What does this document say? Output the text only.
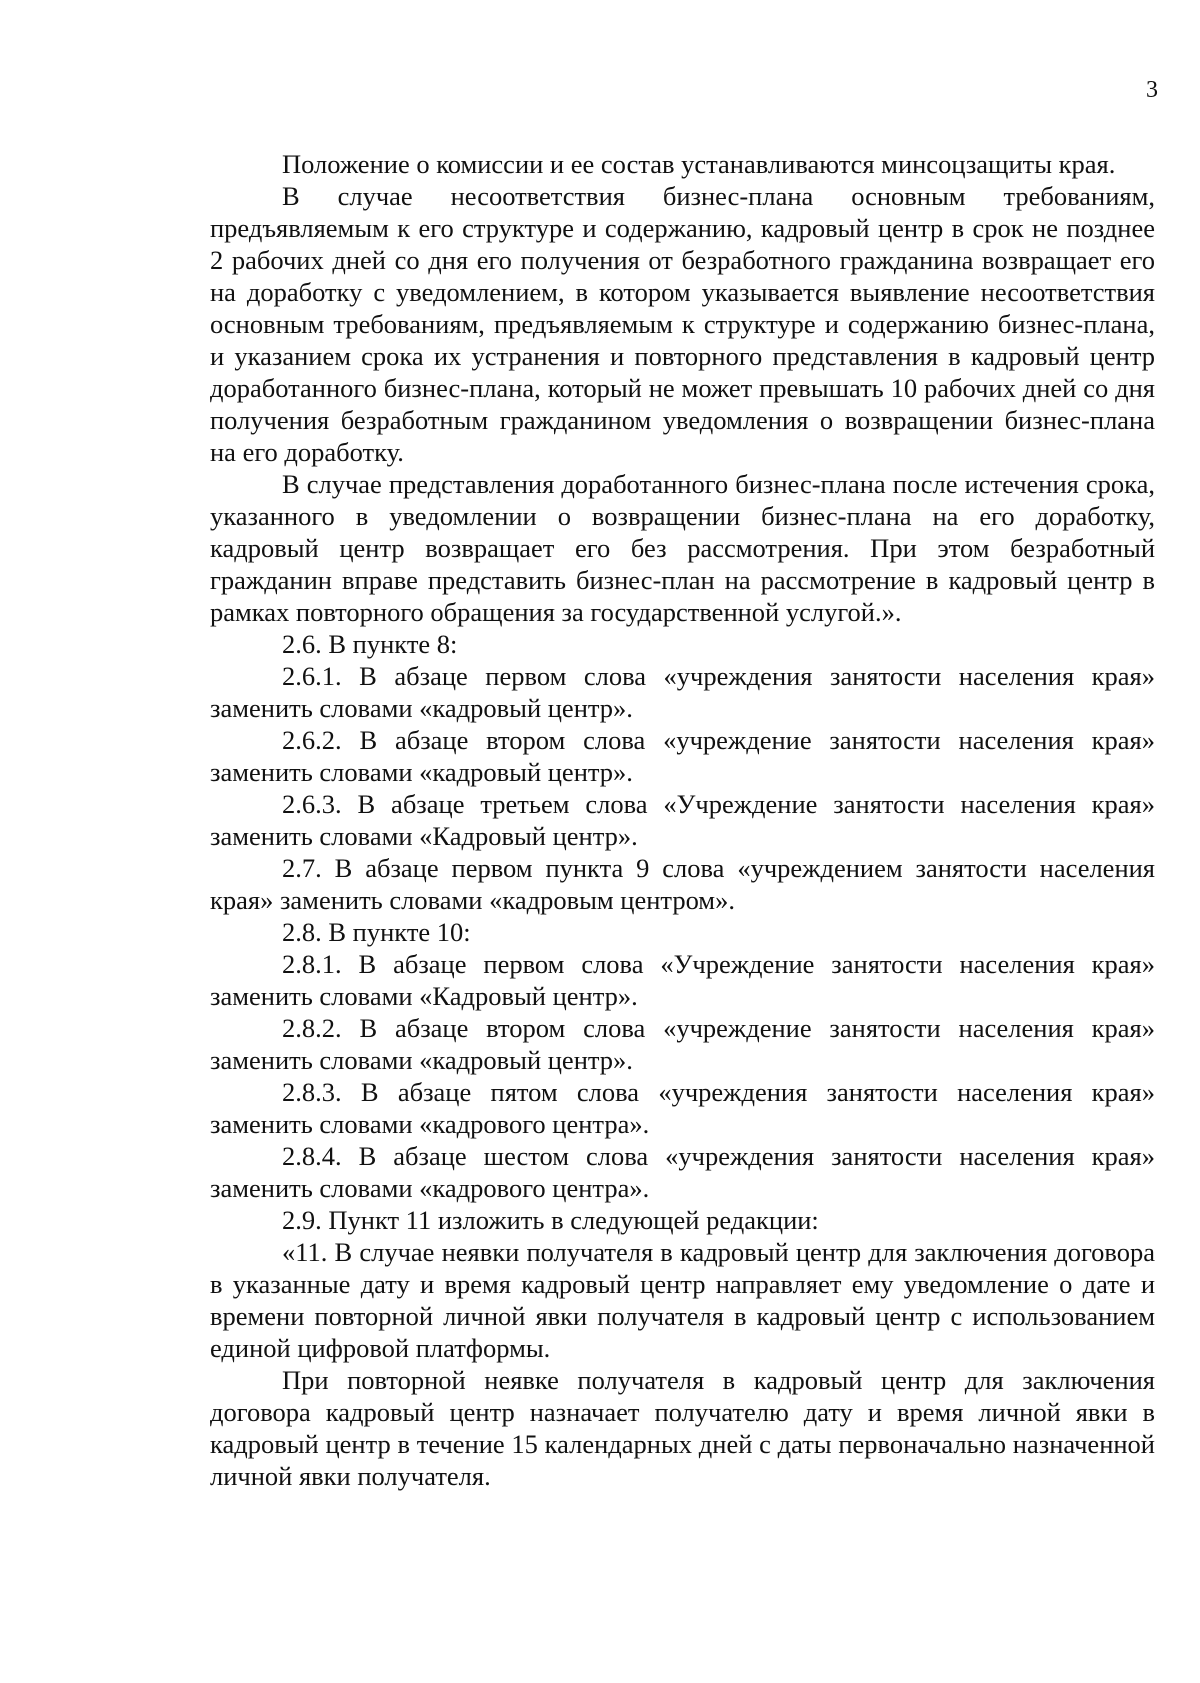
3

Положение о комиссии и ее состав устанавливаются минсоцзащиты края.

В случае несоответствия бизнес-плана основным требованиям, предъявляемым к его структуре и содержанию, кадровый центр в срок не позднее 2 рабочих дней со дня его получения от безработного гражданина возвращает его на доработку с уведомлением, в котором указывается выявление несоответствия основным требованиям, предъявляемым к структуре и содержанию бизнес-плана, и указанием срока их устранения и повторного представления в кадровый центр доработанного бизнес-плана, который не может превышать 10 рабочих дней со дня получения безработным гражданином уведомления о возвращении бизнес-плана на его доработку.

В случае представления доработанного бизнес-плана после истечения срока, указанного в уведомлении о возвращении бизнес-плана на его доработку, кадровый центр возвращает его без рассмотрения. При этом безработный гражданин вправе представить бизнес-план на рассмотрение в кадровый центр в рамках повторного обращения за государственной услугой.».

2.6. В пункте 8:

2.6.1. В абзаце первом слова «учреждения занятости населения края» заменить словами «кадровый центр».

2.6.2. В абзаце втором слова «учреждение занятости населения края» заменить словами «кадровый центр».

2.6.3. В абзаце третьем слова «Учреждение занятости населения края» заменить словами «Кадровый центр».

2.7. В абзаце первом пункта 9 слова «учреждением занятости населения края» заменить словами «кадровым центром».

2.8. В пункте 10:

2.8.1. В абзаце первом слова «Учреждение занятости населения края» заменить словами «Кадровый центр».

2.8.2. В абзаце втором слова «учреждение занятости населения края» заменить словами «кадровый центр».

2.8.3. В абзаце пятом слова «учреждения занятости населения края» заменить словами «кадрового центра».

2.8.4. В абзаце шестом слова «учреждения занятости населения края» заменить словами «кадрового центра».

2.9. Пункт 11 изложить в следующей редакции:

«11. В случае неявки получателя в кадровый центр для заключения договора в указанные дату и время кадровый центр направляет ему уведомление о дате и времени повторной личной явки получателя в кадровый центр с использованием единой цифровой платформы.

При повторной неявке получателя в кадровый центр для заключения договора кадровый центр назначает получателю дату и время личной явки в кадровый центр в течение 15 календарных дней с даты первоначально назначенной личной явки получателя.
